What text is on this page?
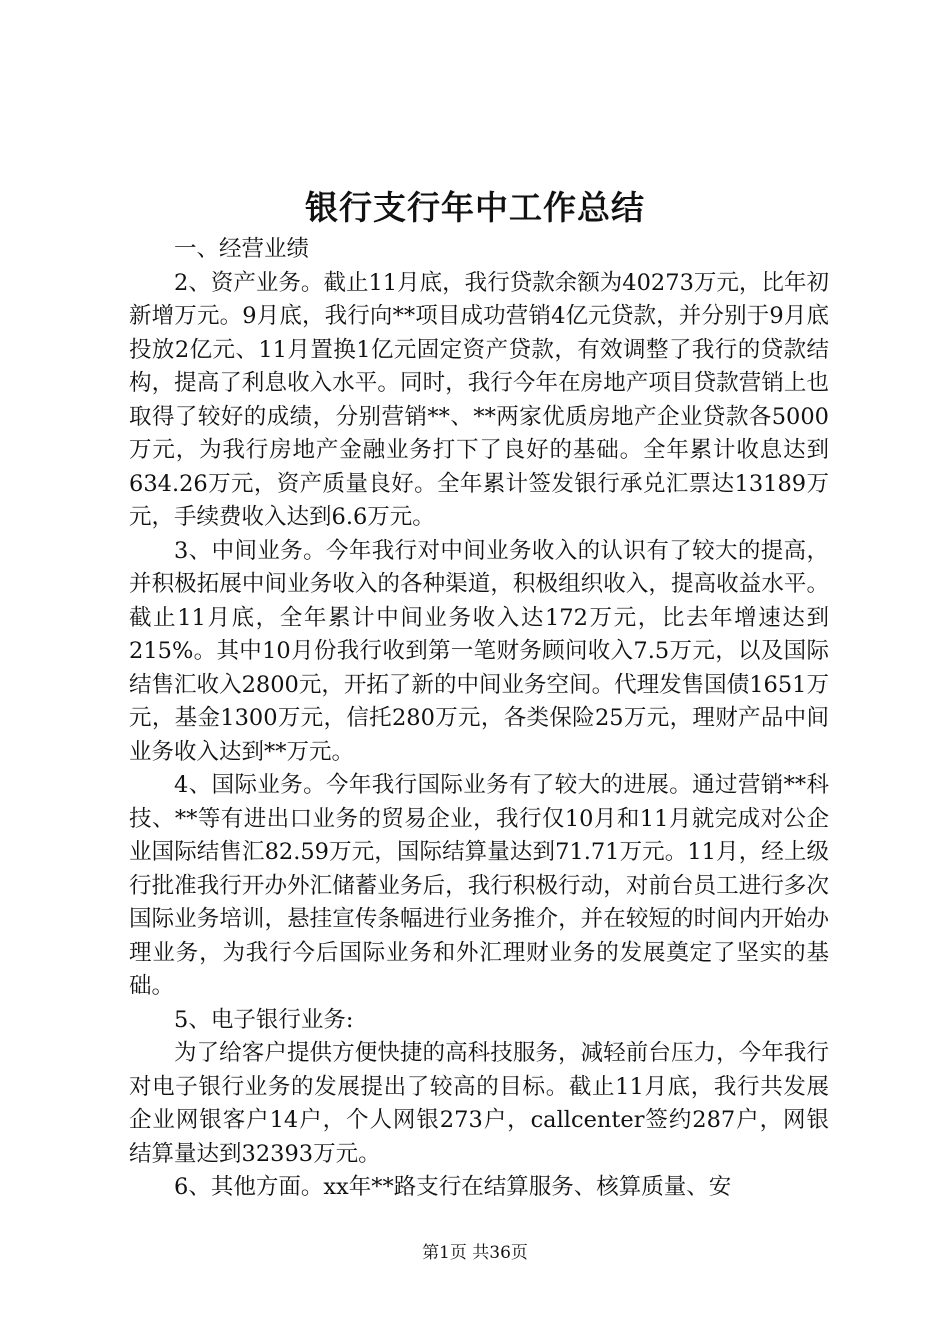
银行支行年中工作总结

一、经营业绩

2、资产业务。截止11月底，我行贷款余额为40273万元，比年初新增万元。9月底，我行向**项目成功营销4亿元贷款，并分别于9月底投放2亿元、11月置换1亿元固定资产贷款，有效调整了我行的贷款结构，提高了利息收入水平。同时，我行今年在房地产项目贷款营销上也取得了较好的成绩，分别营销**、**两家优质房地产企业贷款各5000万元，为我行房地产金融业务打下了良好的基础。全年累计收息达到634.26万元，资产质量良好。全年累计签发银行承兑汇票达13189万元，手续费收入达到6.6万元。

3、中间业务。今年我行对中间业务收入的认识有了较大的提高，并积极拓展中间业务收入的各种渠道，积极组织收入，提高收益水平。截止11月底，全年累计中间业务收入达172万元，比去年增速达到215%。其中10月份我行收到第一笔财务顾问收入7.5万元，以及国际结售汇收入2800元，开拓了新的中间业务空间。代理发售国债1651万元，基金1300万元，信托280万元，各类保险25万元，理财产品中间业务收入达到**万元。

4、国际业务。今年我行国际业务有了较大的进展。通过营销**科技、**等有进出口业务的贸易企业，我行仅10月和11月就完成对公企业国际结售汇82.59万元，国际结算量达到71.71万元。11月，经上级行批准我行开办外汇储蓄业务后，我行积极行动，对前台员工进行多次国际业务培训，悬挂宣传条幅进行业务推介，并在较短的时间内开始办理业务，为我行今后国际业务和外汇理财业务的发展奠定了坚实的基础。

5、电子银行业务:

为了给客户提供方便快捷的高科技服务，减轻前台压力，今年我行对电子银行业务的发展提出了较高的目标。截止11月底，我行共发展企业网银客户14户，个人网银273户，callcenter签约287户，网银结算量达到32393万元。

6、其他方面。xx年**路支行在结算服务、核算质量、安

第1页 共36页
